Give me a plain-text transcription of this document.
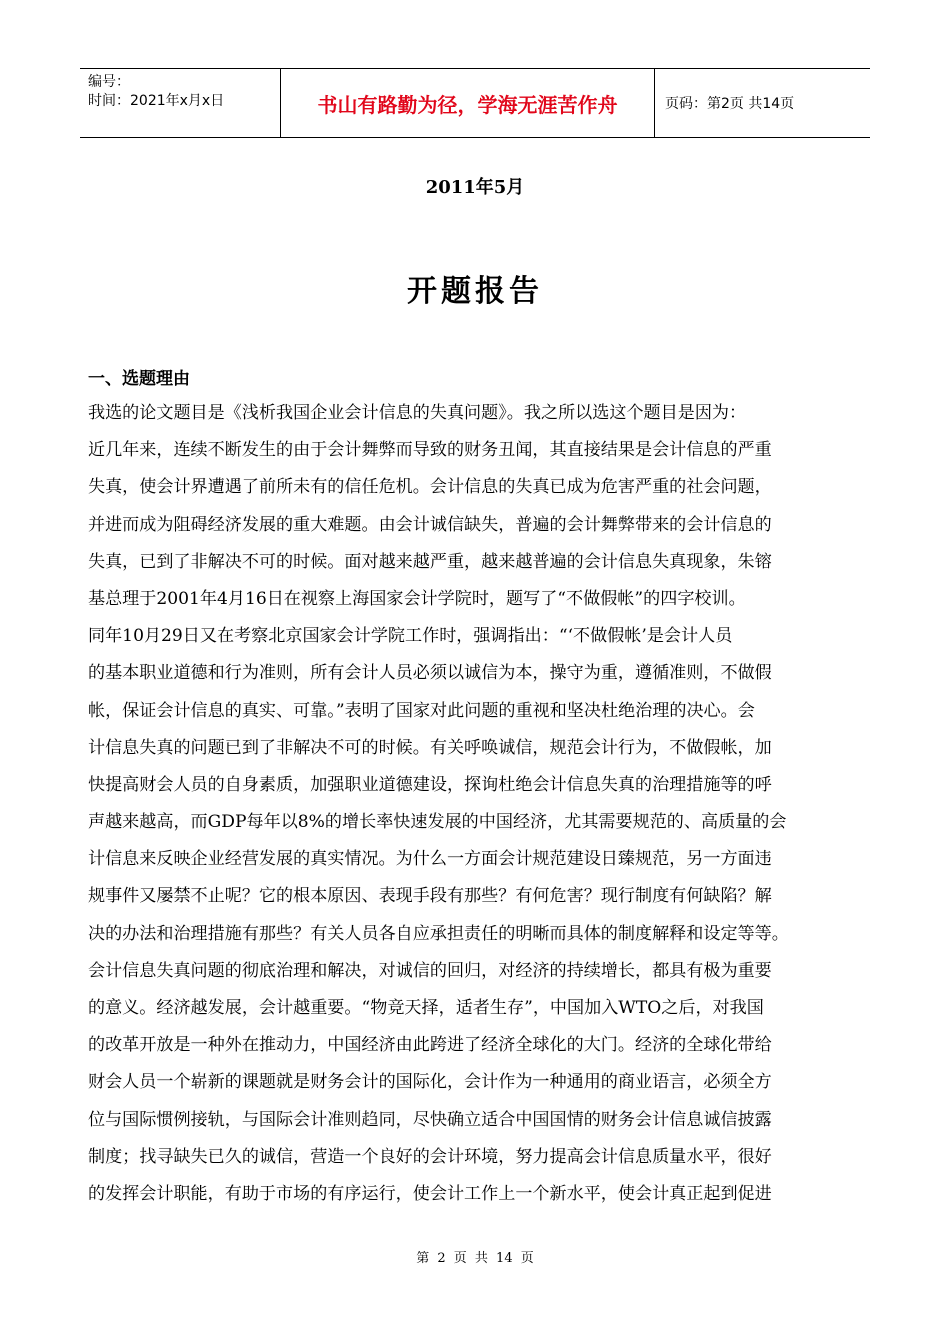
编号：
时间：2021年x月x日	书山有路勤为径，学海无涯苦作舟	页码：第2页 共14页
2011年5月
开题报告
一、选题理由
我选的论文题目是《浅析我国企业会计信息的失真问题》。我之所以选这个题目是因为：
近几年来，连续不断发生的由于会计舞弊而导致的财务丑闻，其直接结果是会计信息的严重
失真，使会计界遭遇了前所未有的信任危机。会计信息的失真已成为危害严重的社会问题，
并进而成为阻碍经济发展的重大难题。由会计诚信缺失，普遍的会计舞弊带来的会计信息的
失真，已到了非解决不可的时候。面对越来越严重，越来越普遍的会计信息失真现象，朱镕
基总理于2001年4月16日在视察上海国家会计学院时，题写了“不做假帐”的四字校训。
同年10月29日又在考察北京国家会计学院工作时，强调指出：“‘不做假帐’是会计人员
的基本职业道德和行为准则，所有会计人员必须以诚信为本，操守为重，遵循准则，不做假
帐，保证会计信息的真实、可靠。”表明了国家对此问题的重视和坚决杜绝治理的决心。会
计信息失真的问题已到了非解决不可的时候。有关呼唤诚信，规范会计行为，不做假帐，加
快提高财会人员的自身素质，加强职业道德建设，探询杜绝会计信息失真的治理措施等的呼
声越来越高，而GDP每年以8%的增长率快速发展的中国经济，尤其需要规范的、高质量的会
计信息来反映企业经营发展的真实情况。为什么一方面会计规范建设日臻规范，另一方面违
规事件又屡禁不止呢？它的根本原因、表现手段有那些？有何危害？现行制度有何缺陷？解
决的办法和治理措施有那些？有关人员各自应承担责任的明晰而具体的制度解释和设定等等。
会计信息失真问题的彻底治理和解决，对诚信的回归，对经济的持续增长，都具有极为重要
的意义。经济越发展，会计越重要。“物竞天择，适者生存”，中国加入WTO之后，对我国
的改革开放是一种外在推动力，中国经济由此跨进了经济全球化的大门。经济的全球化带给
财会人员一个崭新的课题就是财务会计的国际化，会计作为一种通用的商业语言，必须全方
位与国际惯例接轨，与国际会计准则趋同，尽快确立适合中国国情的财务会计信息诚信披露
制度；找寻缺失已久的诚信，营造一个良好的会计环境，努力提高会计信息质量水平，很好
的发挥会计职能，有助于市场的有序运行，使会计工作上一个新水平，使会计真正起到促进
第 2 页 共 14 页
